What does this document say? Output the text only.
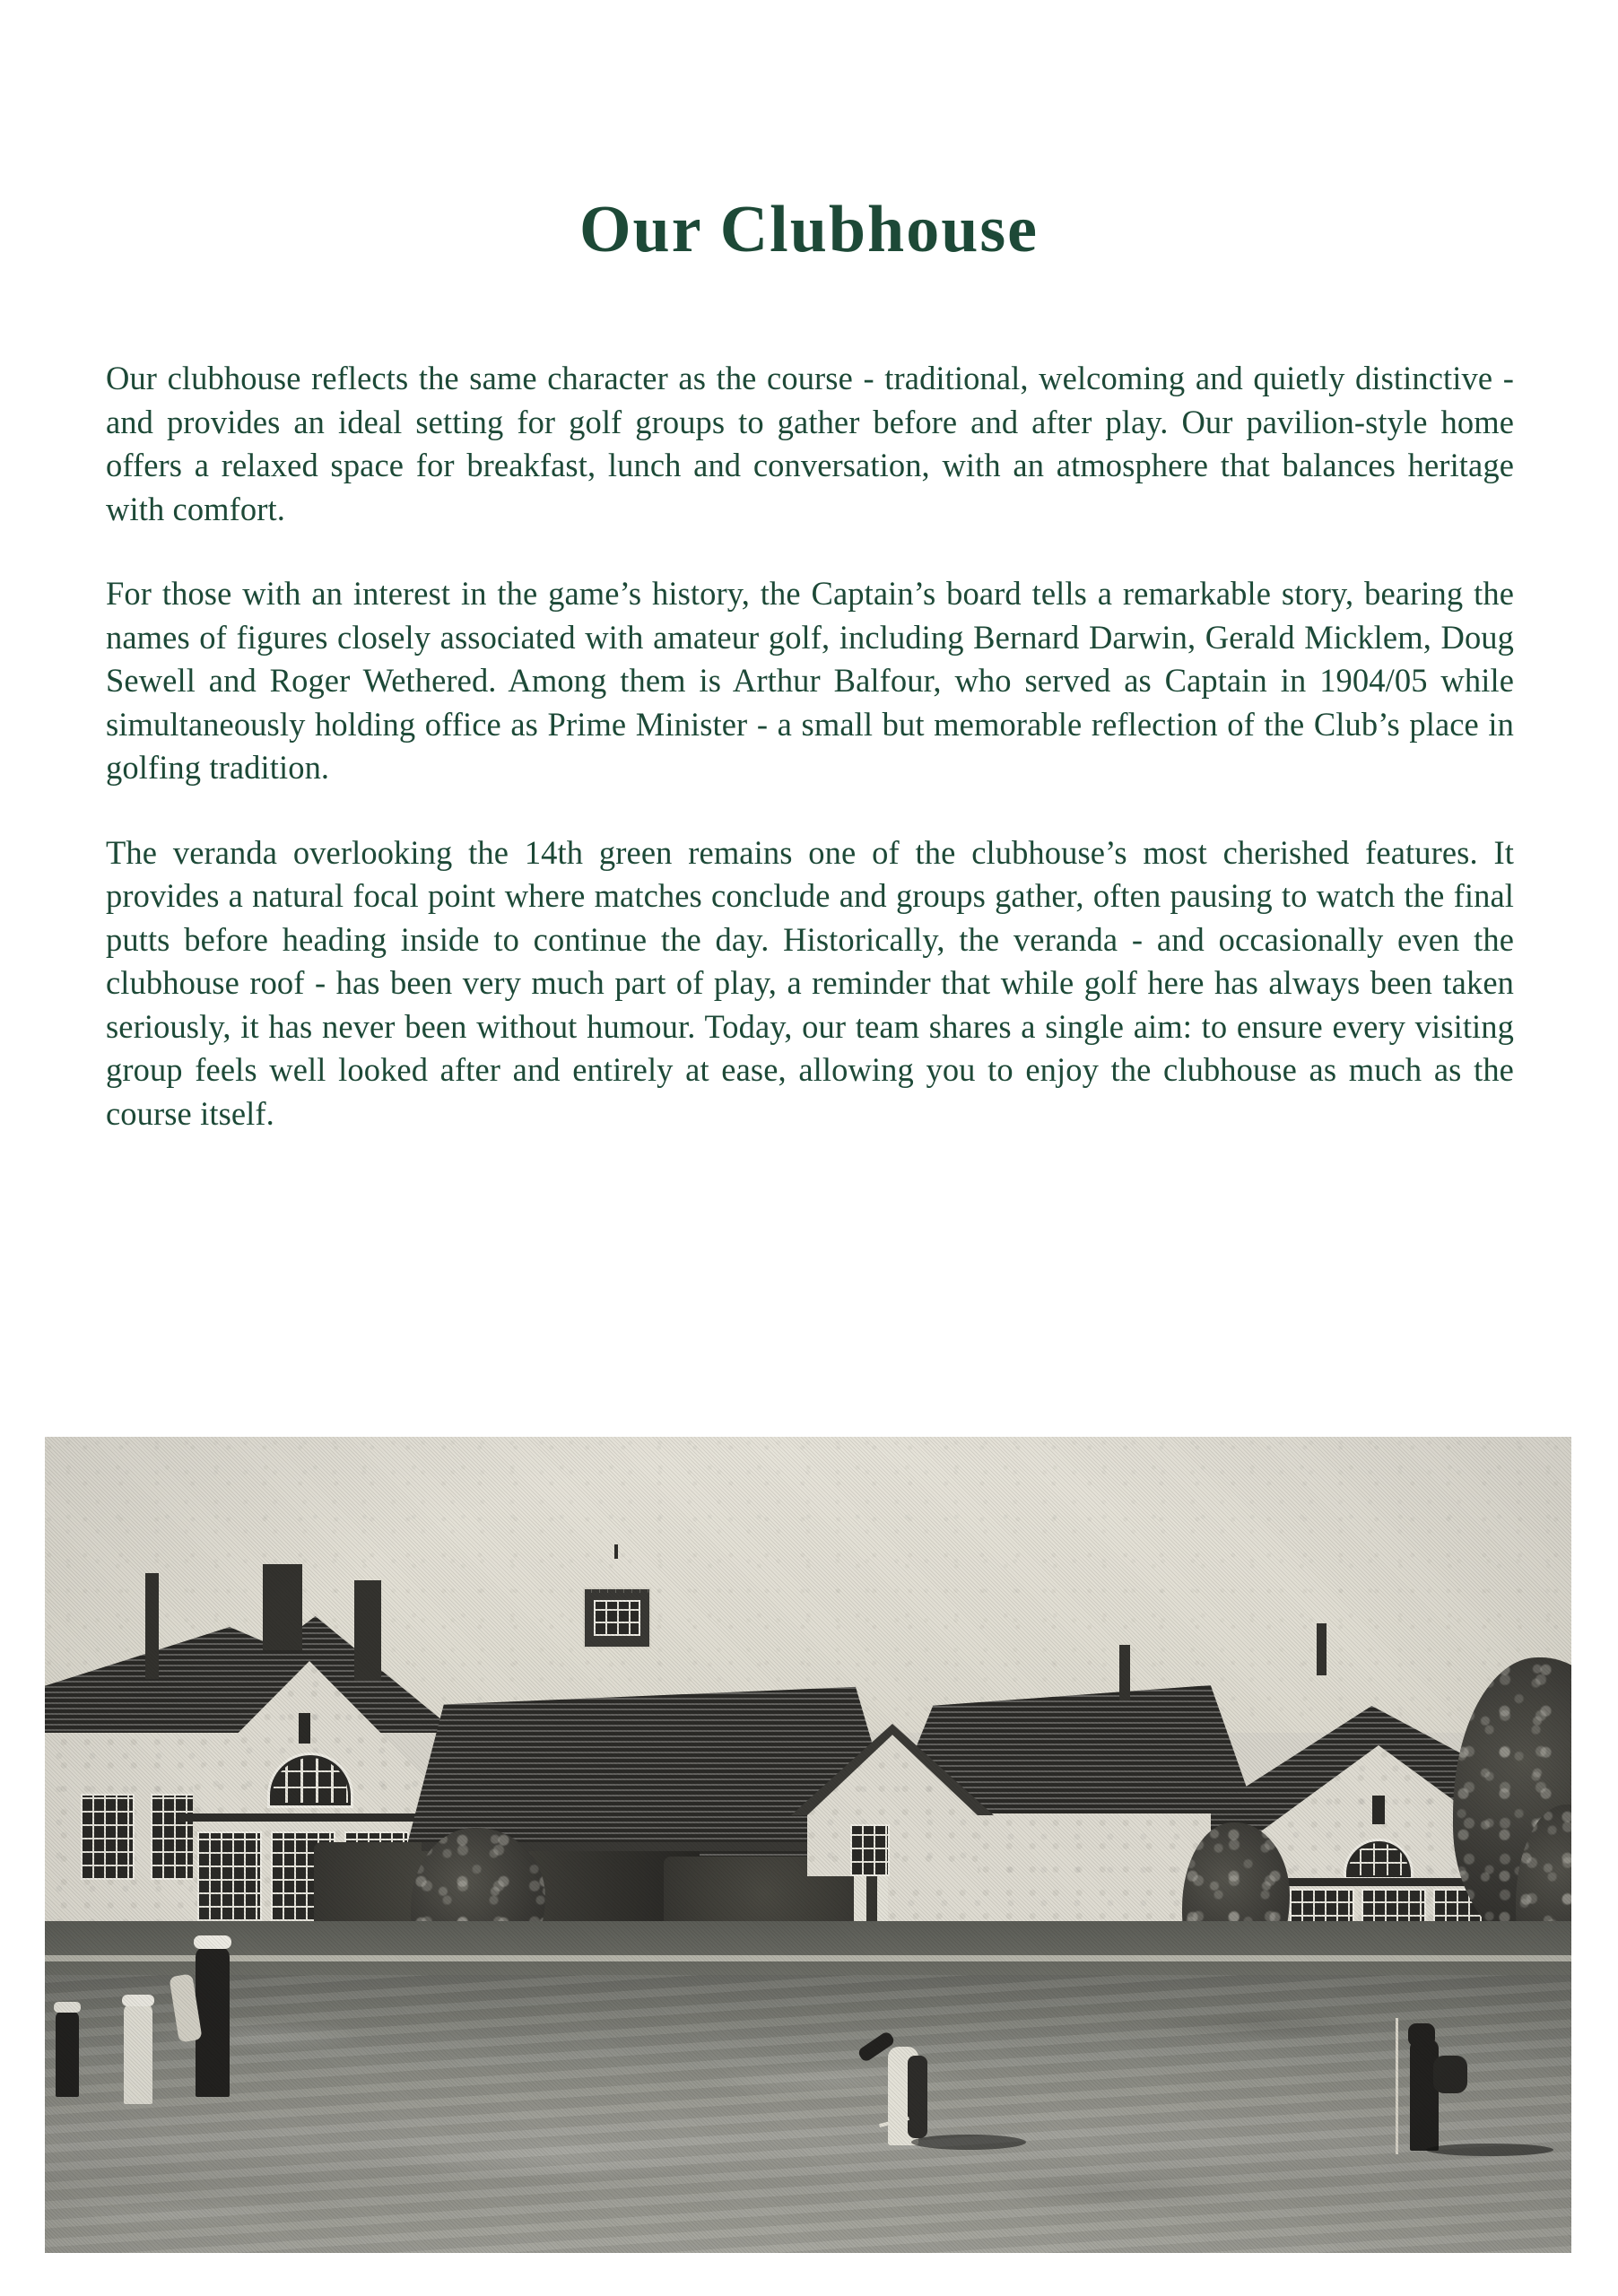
Our Clubhouse

Our clubhouse reflects the same character as the course - traditional, welcoming and quietly distinctive - and provides an ideal setting for golf groups to gather before and after play. Our pavilion-style home offers a relaxed space for breakfast, lunch and conversation, with an atmosphere that balances heritage with comfort.

For those with an interest in the game’s history, the Captain’s board tells a remarkable story, bearing the names of figures closely associated with amateur golf, including Bernard Darwin, Gerald Micklem, Doug Sewell and Roger Wethered. Among them is Arthur Balfour, who served as Captain in 1904/05 while simultaneously holding office as Prime Minister - a small but memorable reflection of the Club’s place in golfing tradition.

The veranda overlooking the 14th green remains one of the clubhouse’s most cherished features. It provides a natural focal point where matches conclude and groups gather, often pausing to watch the final putts before heading inside to continue the day. Historically, the veranda - and occasionally even the clubhouse roof - has been very much part of play, a reminder that while golf here has always been taken seriously, it has never been without humour. Today, our team shares a single aim: to ensure every visiting group feels well looked after and entirely at ease, allowing you to enjoy the clubhouse as much as the course itself.
